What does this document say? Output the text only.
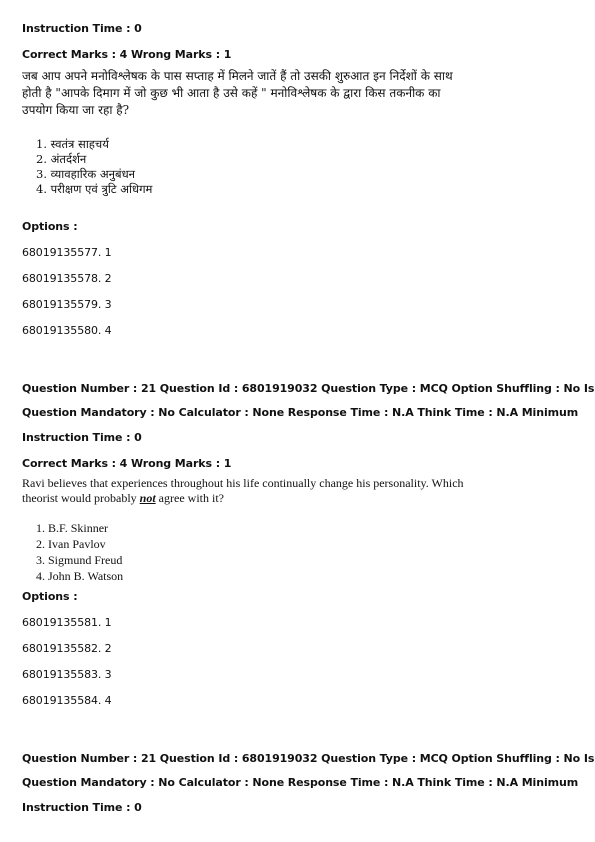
Instruction Time : 0
Correct Marks : 4 Wrong Marks : 1
जब आप अपने मनोविश्लेषक के पास सप्ताह में मिलने जातें हैं तो उसकी शुरुआत इन निर्देशों के साथ
होती है "आपके दिमाग में जो कुछ भी आता है उसे कहें " मनोविश्लेषक के द्वारा किस तकनीक का
उपयोग किया जा रहा है?
1. स्वतंत्र साहचर्य
2. अंतर्दर्शन
3. व्यावहारिक अनुबंधन
4. परीक्षण एवं त्रुटि अधिगम
Options :
68019135577. 1
68019135578. 2
68019135579. 3
68019135580. 4
Question Number : 21 Question Id : 6801919032 Question Type : MCQ Option Shuffling : No Is
Question Mandatory : No Calculator : None Response Time : N.A Think Time : N.A Minimum
Instruction Time : 0
Correct Marks : 4 Wrong Marks : 1
Ravi believes that experiences throughout his life continually change his personality. Which
theorist would probably not agree with it?
1. B.F. Skinner
2. Ivan Pavlov
3. Sigmund Freud
4. John B. Watson
Options :
68019135581. 1
68019135582. 2
68019135583. 3
68019135584. 4
Question Number : 21 Question Id : 6801919032 Question Type : MCQ Option Shuffling : No Is
Question Mandatory : No Calculator : None Response Time : N.A Think Time : N.A Minimum
Instruction Time : 0
